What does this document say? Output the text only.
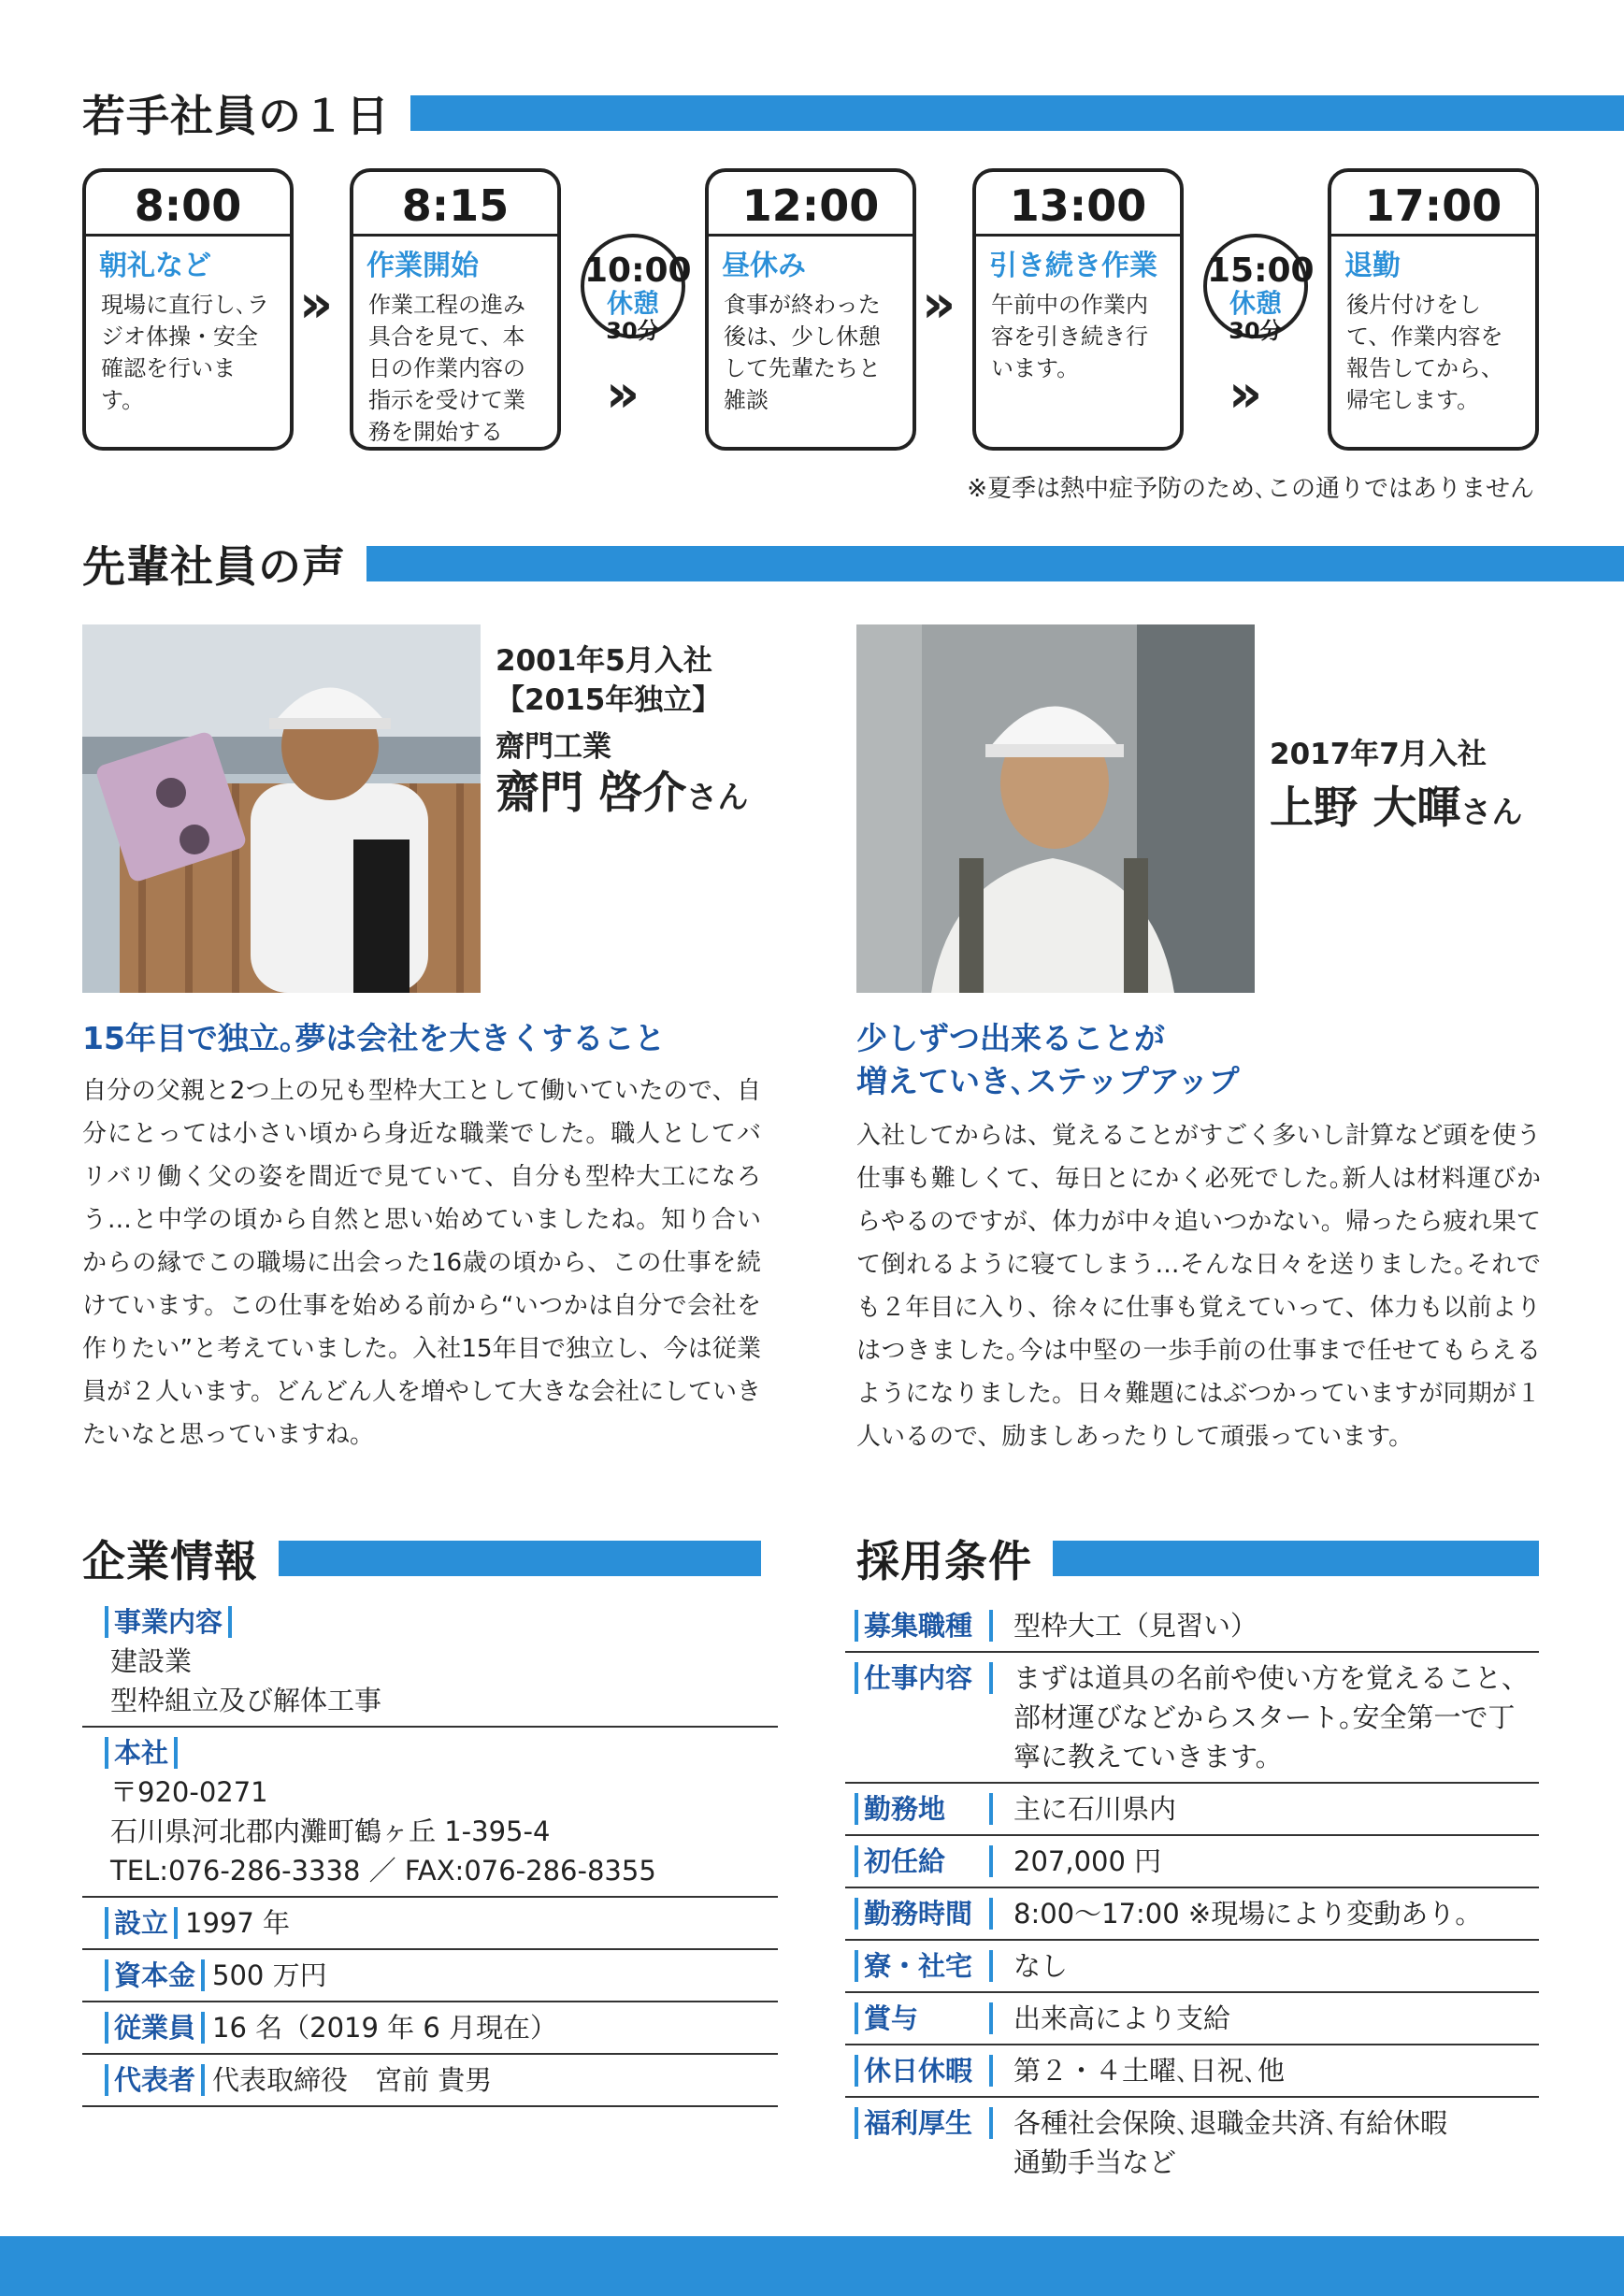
若手社員の１日
8:00
朝礼など
現場に直行し､ラジオ体操・安全確認を行います。
»
8:15
作業開始
作業工程の進み具合を見て、本日の作業内容の指示を受けて業務を開始する
10:00
休憩
30分
»
12:00
昼休み
食事が終わった後は、少し休憩して先輩たちと雑談
»
13:00
引き続き作業
午前中の作業内容を引き続き行います。
15:00
休憩
30分
»
17:00
退勤
後片付けをして、作業内容を報告してから、帰宅します。
※夏季は熱中症予防のため､この通りではありません
先輩社員の声
2001年5月入社
【2015年独立】
齋門工業
齋門 啓介さん
15年目で独立｡夢は会社を大きくすること
自分の父親と2つ上の兄も型枠大工として働いていたので、自分にとっては小さい頃から身近な職業でした。職人としてバリバリ働く父の姿を間近で見ていて、自分も型枠大工になろう…と中学の頃から自然と思い始めていましたね。知り合いからの縁でこの職場に出会った16歳の頃から、この仕事を続けています。この仕事を始める前から“いつかは自分で会社を作りたい”と考えていました。入社15年目で独立し、今は従業員が２人います。どんどん人を増やして大きな会社にしていきたいなと思っていますね。
2017年7月入社
上野 大暉さん
少しずつ出来ることが
増えていき､ステップアップ
入社してからは、覚えることがすごく多いし計算など頭を使う仕事も難しくて、毎日とにかく必死でした｡新人は材料運びからやるのですが、体力が中々追いつかない。帰ったら疲れ果てて倒れるように寝てしまう…そんな日々を送りました｡それでも２年目に入り、徐々に仕事も覚えていって、体力も以前よりはつきました｡今は中堅の一歩手前の仕事まで任せてもらえるようになりました。日々難題にはぶつかっていますが同期が１人いるので、励ましあったりして頑張っています。
企業情報
事業内容
建設業
型枠組立及び解体工事
本社
〒920-0271
石川県河北郡内灘町鶴ヶ丘 1-395-4
TEL:076-286-3338 ／ FAX:076-286-8355
設立 1997 年
資本金 500 万円
従業員 16 名（2019 年 6 月現在）
代表者 代表取締役　宮前 貴男
採用条件
募集職種	型枠大工（見習い）
仕事内容	まずは道具の名前や使い方を覚えること、部材運びなどからスタート｡安全第一で丁寧に教えていきます。
勤務地	主に石川県内
初任給	207,000 円
勤務時間	8:00〜17:00 ※現場により変動あり。
寮・社宅	なし
賞与	出来高により支給
休日休暇	第２・４土曜､日祝､他
福利厚生	各種社会保険､退職金共済､有給休暇
通勤手当など
